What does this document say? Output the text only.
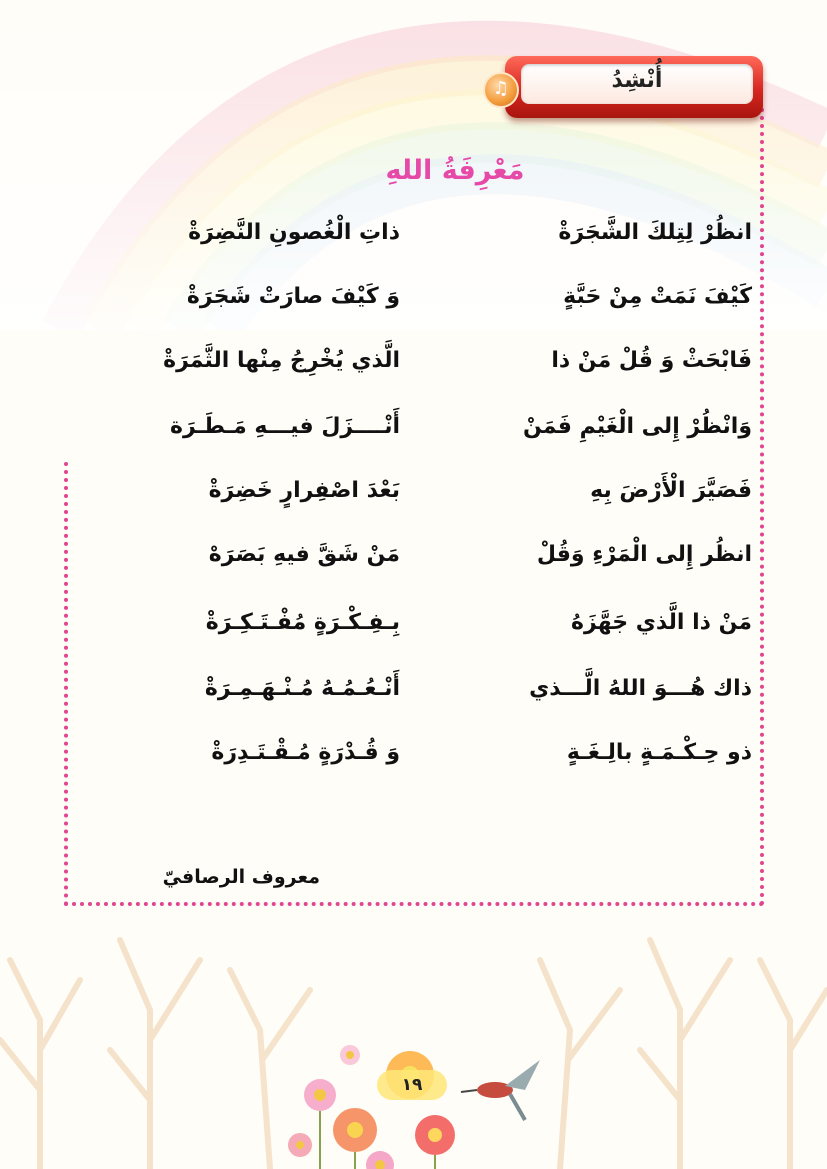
أُنْشِدُ
♫
مَعْرِفَةُ اللهِ
انظُرْ لِتِلكَ الشَّجَرَةْ
ذاتِ الْغُصونِ النَّضِرَةْ
كَيْفَ نَمَتْ مِنْ حَبَّةٍ
وَ كَيْفَ صارَتْ شَجَرَةْ
فَابْحَثْ وَ قُلْ مَنْ ذا
الَّذي يُخْرِجُ مِنْها الثَّمَرَةْ
وَانْظُرْ إِلى الْغَيْمِ فَمَنْ
أَنْــــزَلَ فيـــهِ مَـطَـرَة
فَصَيَّرَ الْأَرْضَ بِهِ
بَعْدَ اصْفِرارٍ خَضِرَةْ
انظُر إِلى الْمَرْءِ وَقُلْ
مَنْ شَقَّ فيهِ بَصَرَهْ
مَنْ ذا الَّذي جَهَّزَهُ
بِـفِـكْـرَةٍ مُفْـتَـكِـرَةْ
ذاك هُـــوَ اللهُ الَّـــذي
أَنْـعُـمُـهُ مُـنْـهَـمِـرَةْ
ذو حِـكْـمَـةٍ بالِـغَـةٍ
وَ قُـدْرَةٍ مُـقْـتَـدِرَةْ
معروف الرصافيّ
١٩
